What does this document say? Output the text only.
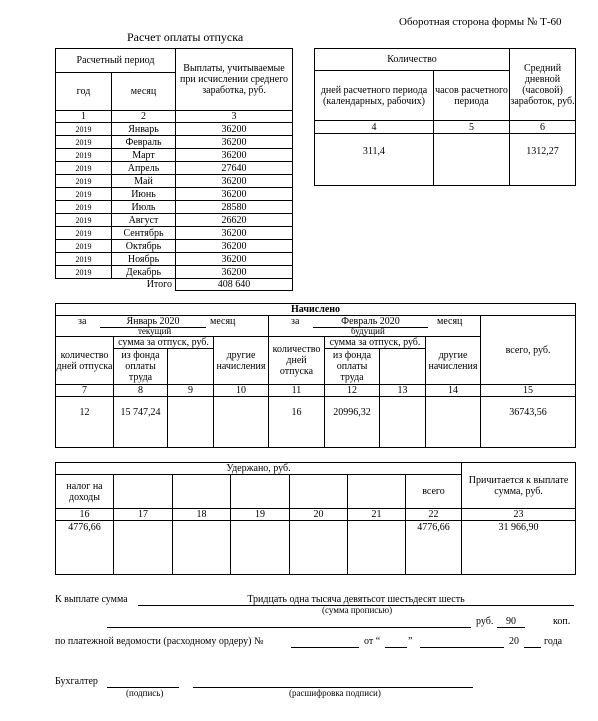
Оборотная сторона формы № Т-60
Расчет оплаты отпуска
Расчетный период		Выплаты, учитываемые при исчислении среднего заработка, руб.
год	месяц	
1	2	3
2019	Январь	36200
2019	Февраль	36200
2019	Март	36200
2019	Апрель	27640
2019	Май	36200
2019	Июнь	36200
2019	Июль	28580
2019	Август	26620
2019	Сентябрь	36200
2019	Октябрь	36200
2019	Ноябрь	36200
2019	Декабрь	36200
Итого		408 640
Количество		Средний дневной (часовой) заработок, руб.
дней расчетного периода (календарных, рабочих)	часов расчетного периода	
4	5	6
311,4		1312,27
Начислено								

за Январь 2020 месяц
текущий				за Февраль 2020 месяц
будущий				всего, руб.
количество дней отпуска	сумма за отпуск, руб.		другие начисления	количество дней отпуска	сумма за отпуск, руб.		другие начисления	
	из фонда оплаты труда				из фонда оплаты труда			
7	8	9	10	11	12	13	14	15
12	15 747,24			16	20996,32			36743,56
Удержано, руб.							Причитается к выплате сумма, руб.
налог на доходы						всего	
16	17	18	19	20	21	22	23
4776,66						4776,66	31 966,90
К выплате сумма	Тридцать одна тысяча девятьсот шестьдесят шесть
(сумма прописью)
руб.	90	коп.
по платежной ведомости (расходному ордеру) №	от “	”	20	года
Бухгалтер
(подпись)	(расшифровка подписи)
